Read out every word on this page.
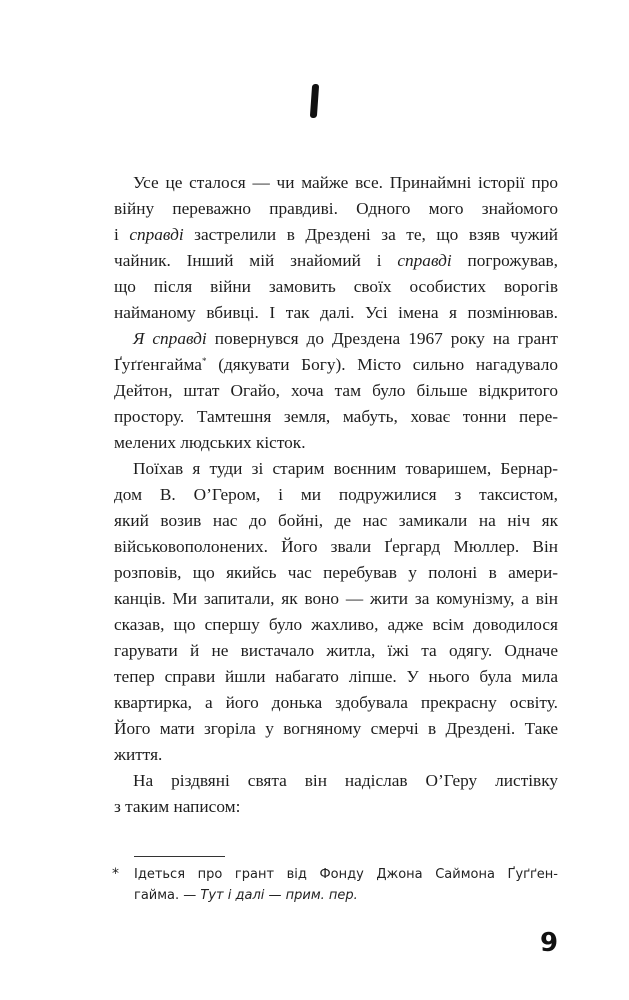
Усе це сталося — чи майже все. Принаймні історії про
війну переважно правдиві. Одного мого знайомого
і справді застрелили в Дрездені за те, що взяв чужий
чайник. Інший мій знайомий і справді погрожував,
що після війни замовить своїх особистих ворогів
найманому вбивці. І так далі. Усі імена я позмінював.
Я справді повернувся до Дрездена 1967 року на грант
Ґуґґенгайма* (дякувати Богу). Місто сильно нагадувало
Дейтон, штат Огайо, хоча там було більше відкритого
простору. Тамтешня земля, мабуть, ховає тонни пере-
мелених людських кісток.
Поїхав я туди зі старим воєнним товаришем, Бернар-
дом В. О’Гером, і ми подружилися з таксистом,
який возив нас до бойні, де нас замикали на ніч як
військовополонених. Його звали Ґергард Мюллер. Він
розповів, що якийсь час перебував у полоні в амери-
канців. Ми запитали, як воно — жити за комунізму, а він
сказав, що спершу було жахливо, адже всім доводилося
гарувати й не вистачало житла, їжі та одягу. Одначе
тепер справи йшли набагато ліпше. У нього була мила
квартирка, а його донька здобувала прекрасну освіту.
Його мати згоріла у вогняному смерчі в Дрездені. Таке
життя.
На різдвяні свята він надіслав О’Геру листівку
з таким написом:
* Ідеться про грант від Фонду Джона Саймона Ґуґґен-
гайма. — Тут і далі — прим. пер.
9
